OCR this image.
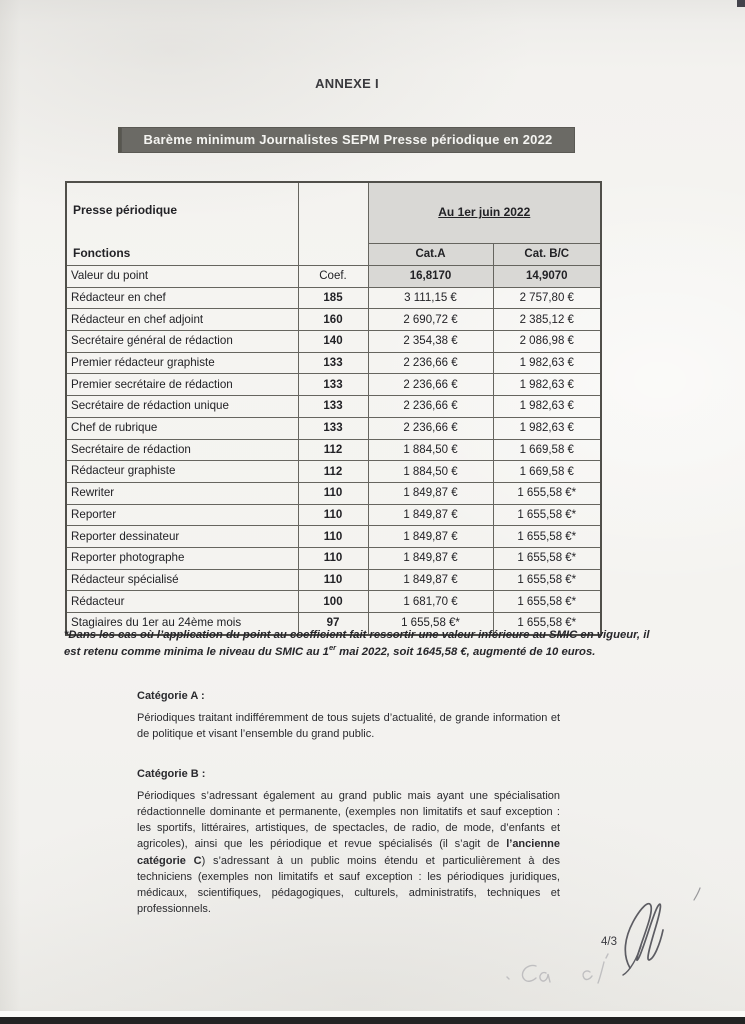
ANNEXE I
Barème minimum Journalistes SEPM Presse périodique en 2022
Presse périodique
Fonctions		Au 1er juin 2022	
		Cat.A	Cat. B/C
Valeur du point	Coef.	16,8170	14,9070
Rédacteur en chef	185	3 111,15 €	2 757,80 €
Rédacteur en chef adjoint	160	2 690,72 €	2 385,12 €
Secrétaire général de rédaction	140	2 354,38 €	2 086,98 €
Premier rédacteur graphiste	133	2 236,66 €	1 982,63 €
Premier secrétaire de rédaction	133	2 236,66 €	1 982,63 €
Secrétaire de rédaction unique	133	2 236,66 €	1 982,63 €
Chef de rubrique	133	2 236,66 €	1 982,63 €
Secrétaire de rédaction	112	1 884,50 €	1 669,58 €
Rédacteur graphiste	112	1 884,50 €	1 669,58 €
Rewriter	110	1 849,87 €	1 655,58 €*
Reporter	110	1 849,87 €	1 655,58 €*
Reporter dessinateur	110	1 849,87 €	1 655,58 €*
Reporter photographe	110	1 849,87 €	1 655,58 €*
Rédacteur spécialisé	110	1 849,87 €	1 655,58 €*
Rédacteur	100	1 681,70 €	1 655,58 €*
Stagiaires du 1er au 24ème mois	97	1 655,58 €*	1 655,58 €*
*Dans les cas où l’application du point au coefficient fait ressortir une valeur inférieure au SMIC en vigueur, il est retenu comme minima le niveau du SMIC au 1er mai 2022, soit 1645,58 €, augmenté de 10 euros.
Catégorie A :
Périodiques traitant indifféremment de tous sujets d’actualité, de grande information et de politique et visant l’ensemble du grand public.
Catégorie B :
Périodiques s’adressant également au grand public mais ayant une spécialisation rédactionnelle dominante et permanente, (exemples non limitatifs et sauf exception : les sportifs, littéraires, artistiques, de spectacles, de radio, de mode, d’enfants et agricoles), ainsi que les périodique et revue spécialisés (il s’agit de l’ancienne catégorie C) s’adressant à un public moins étendu et particulièrement à des techniciens (exemples non limitatifs et sauf exception : les périodiques juridiques, médicaux, scientifiques, pédagogiques, culturels, administratifs, techniques et professionnels.
4/3
